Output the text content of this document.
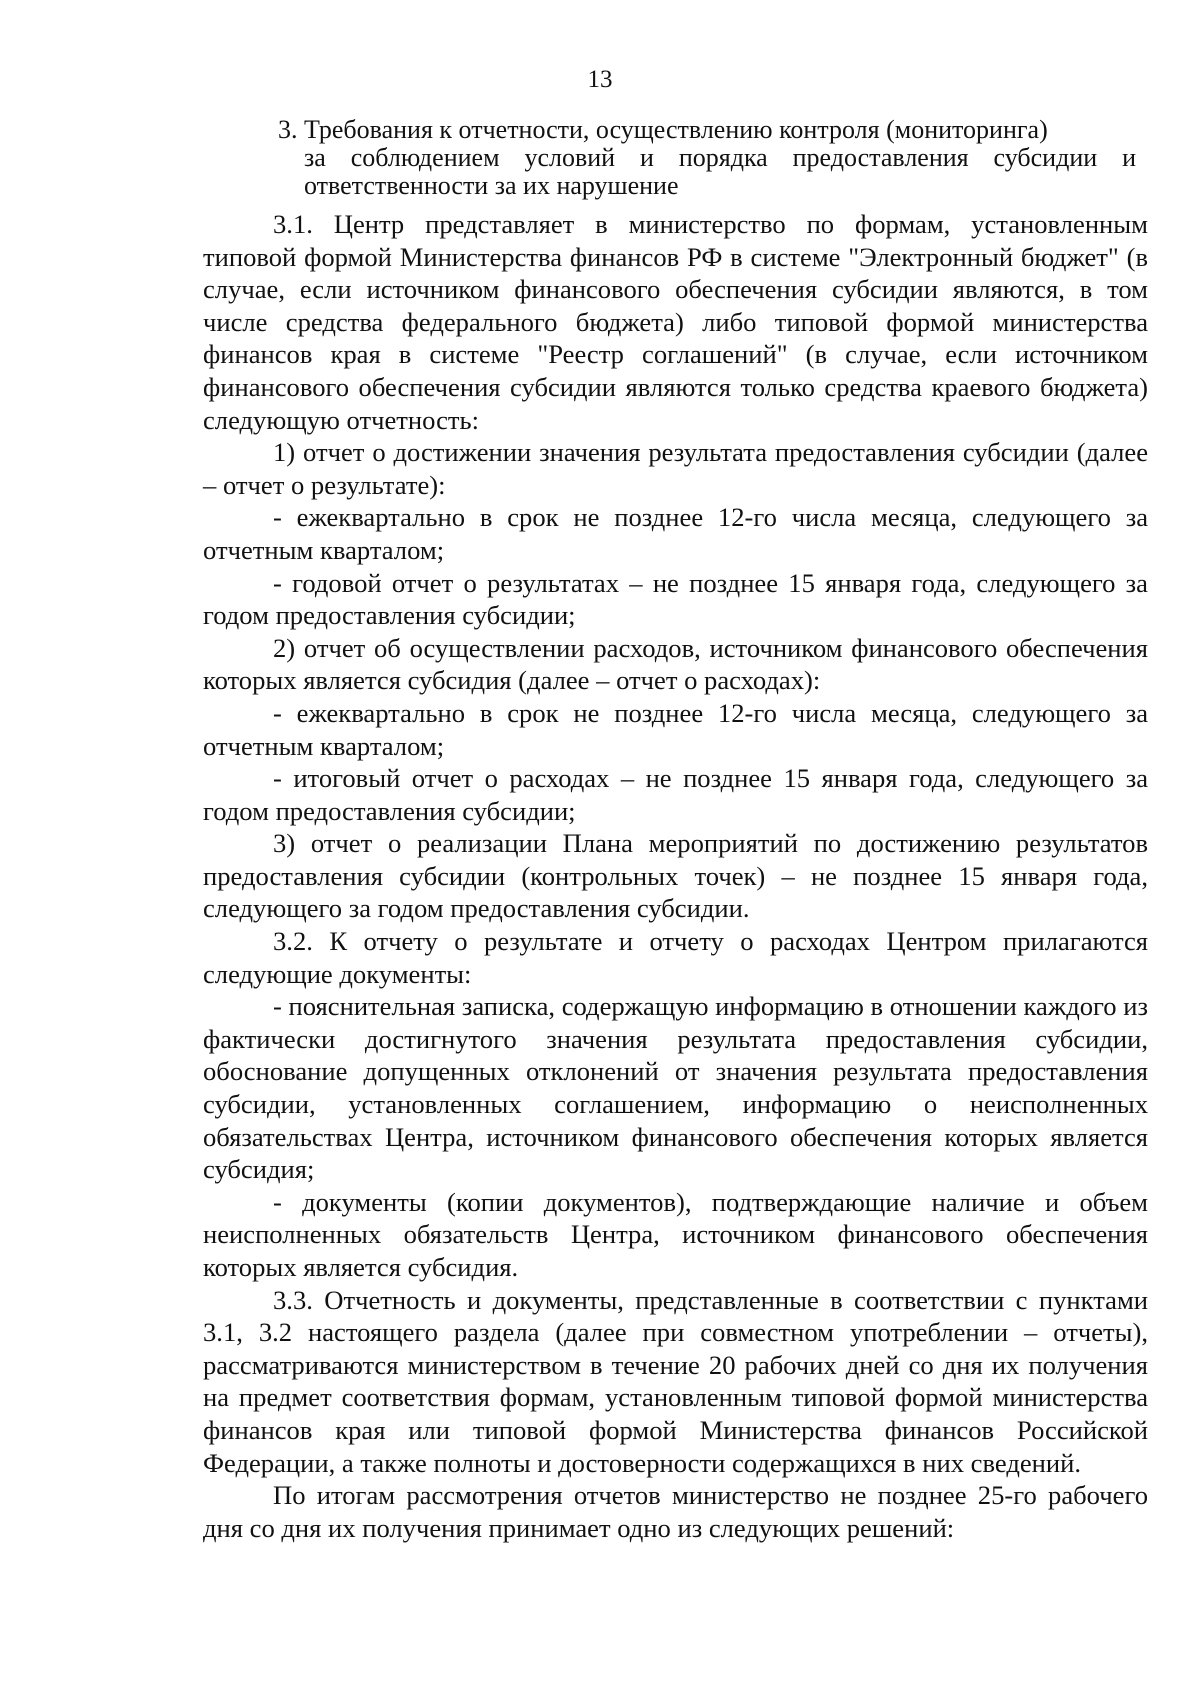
13
3. Требования к отчетности, осуществлению контроля (мониторинга)
за соблюдением условий и порядка предоставления субсидии и ответственности за их нарушение

3.1. Центр представляет в министерство по формам, установленным типовой формой Министерства финансов РФ в системе "Электронный бюджет" (в случае, если источником финансового обеспечения субсидии являются, в том числе средства федерального бюджета) либо типовой формой министерства финансов края в системе "Реестр соглашений" (в случае, если источником финансового обеспечения субсидии являются только средства краевого бюджета) следующую отчетность:

1) отчет о достижении значения результата предоставления субсидии (далее – отчет о результате):

- ежеквартально в срок не позднее 12-го числа месяца, следующего за отчетным кварталом;

- годовой отчет о результатах – не позднее 15 января года, следующего за годом предоставления субсидии;

2) отчет об осуществлении расходов, источником финансового обеспечения которых является субсидия (далее – отчет о расходах):

- ежеквартально в срок не позднее 12-го числа месяца, следующего за отчетным кварталом;

- итоговый отчет о расходах – не позднее 15 января года, следующего за годом предоставления субсидии;

3) отчет о реализации Плана мероприятий по достижению результатов предоставления субсидии (контрольных точек) – не позднее 15 января года, следующего за годом предоставления субсидии.

3.2. К отчету о результате и отчету о расходах Центром прилагаются следующие документы:

- пояснительная записка, содержащую информацию в отношении каждого из фактически достигнутого значения результата предоставления субсидии, обоснование допущенных отклонений от значения результата предоставления субсидии, установленных соглашением, информацию о неисполненных обязательствах Центра, источником финансового обеспечения которых является субсидия;

- документы (копии документов), подтверждающие наличие и объем неисполненных обязательств Центра, источником финансового обеспечения которых является субсидия.

3.3. Отчетность и документы, представленные в соответствии с пунктами 3.1, 3.2 настоящего раздела (далее при совместном употреблении – отчеты), рассматриваются министерством в течение 20 рабочих дней со дня их получения на предмет соответствия формам, установленным типовой формой министерства финансов края или типовой формой Министерства финансов Российской Федерации, а также полноты и достоверности содержащихся в них сведений.

По итогам рассмотрения отчетов министерство не позднее 25-го рабочего дня со дня их получения принимает одно из следующих решений:
